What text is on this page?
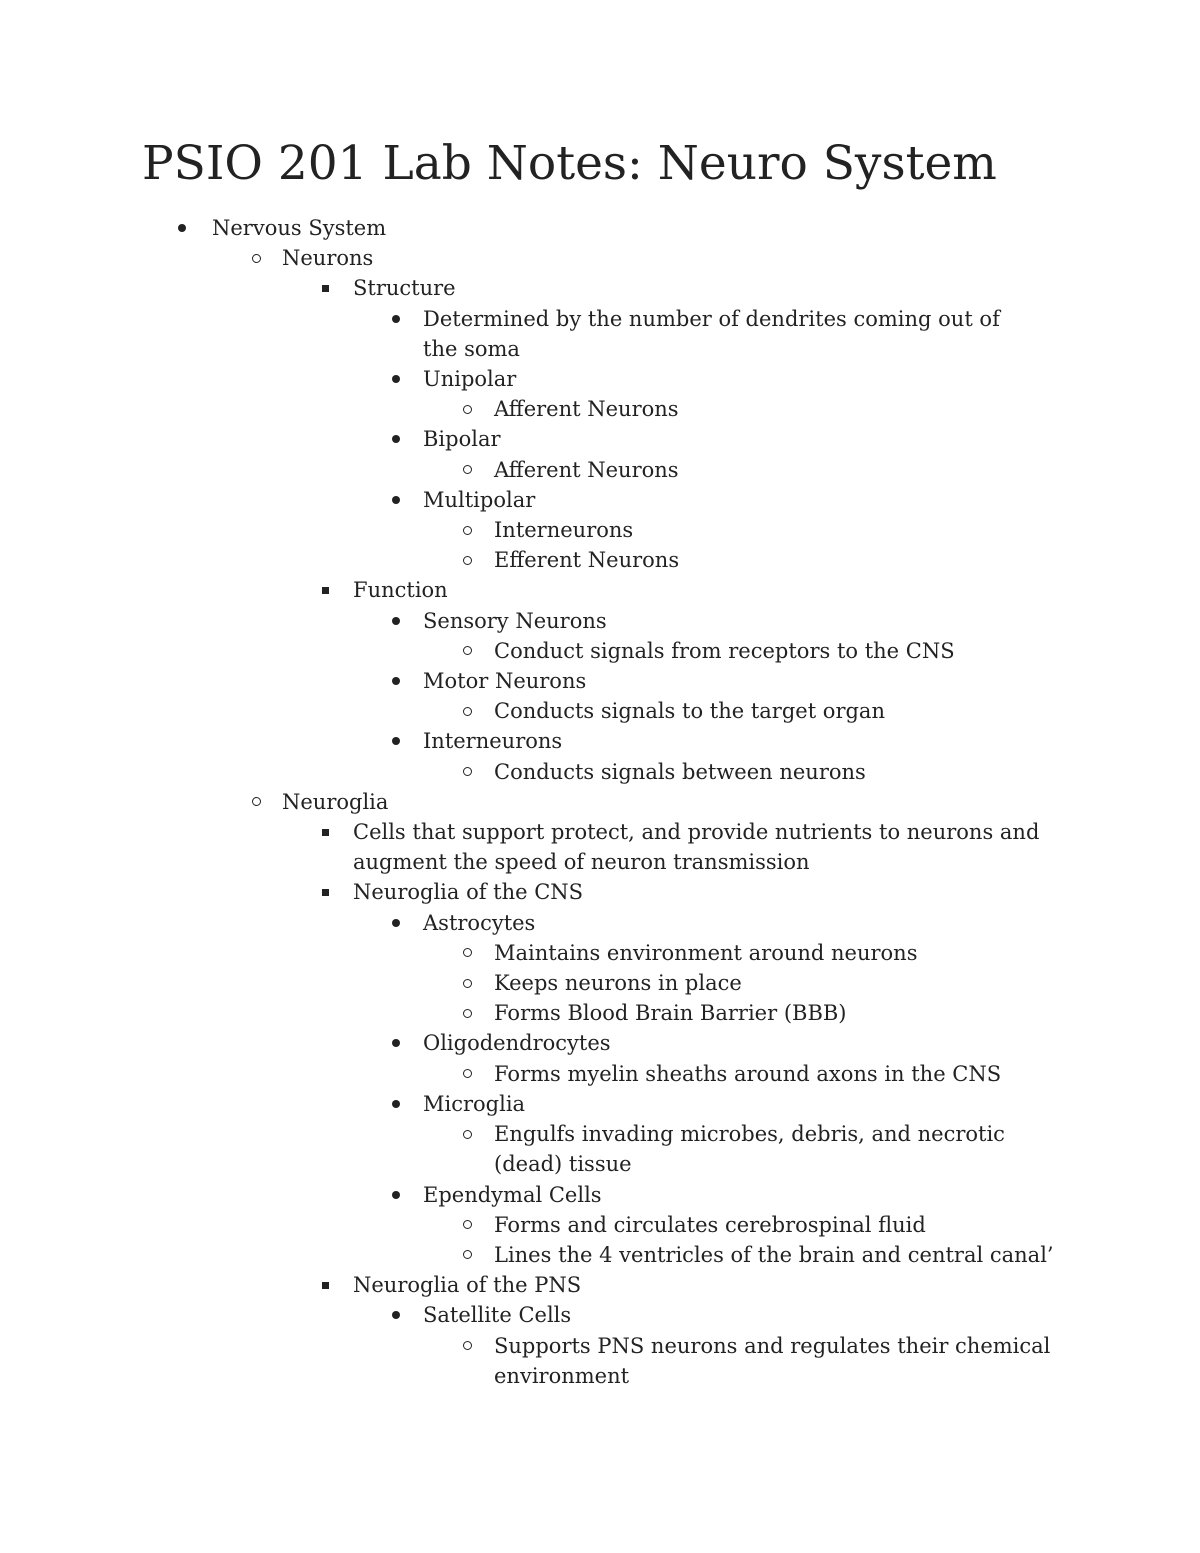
PSIO 201 Lab Notes: Neuro System
Nervous System
Neurons
Structure
Determined by the number of dendrites coming out of the soma
Unipolar
Afferent Neurons
Bipolar
Afferent Neurons
Multipolar
Interneurons
Efferent Neurons
Function
Sensory Neurons
Conduct signals from receptors to the CNS
Motor Neurons
Conducts signals to the target organ
Interneurons
Conducts signals between neurons
Neuroglia
Cells that support protect, and provide nutrients to neurons and augment the speed of neuron transmission
Neuroglia of the CNS
Astrocytes
Maintains environment around neurons
Keeps neurons in place
Forms Blood Brain Barrier (BBB)
Oligodendrocytes
Forms myelin sheaths around axons in the CNS
Microglia
Engulfs invading microbes, debris, and necrotic (dead) tissue
Ependymal Cells
Forms and circulates cerebrospinal fluid
Lines the 4 ventricles of the brain and central canal’
Neuroglia of the PNS
Satellite Cells
Supports PNS neurons and regulates their chemical environment
